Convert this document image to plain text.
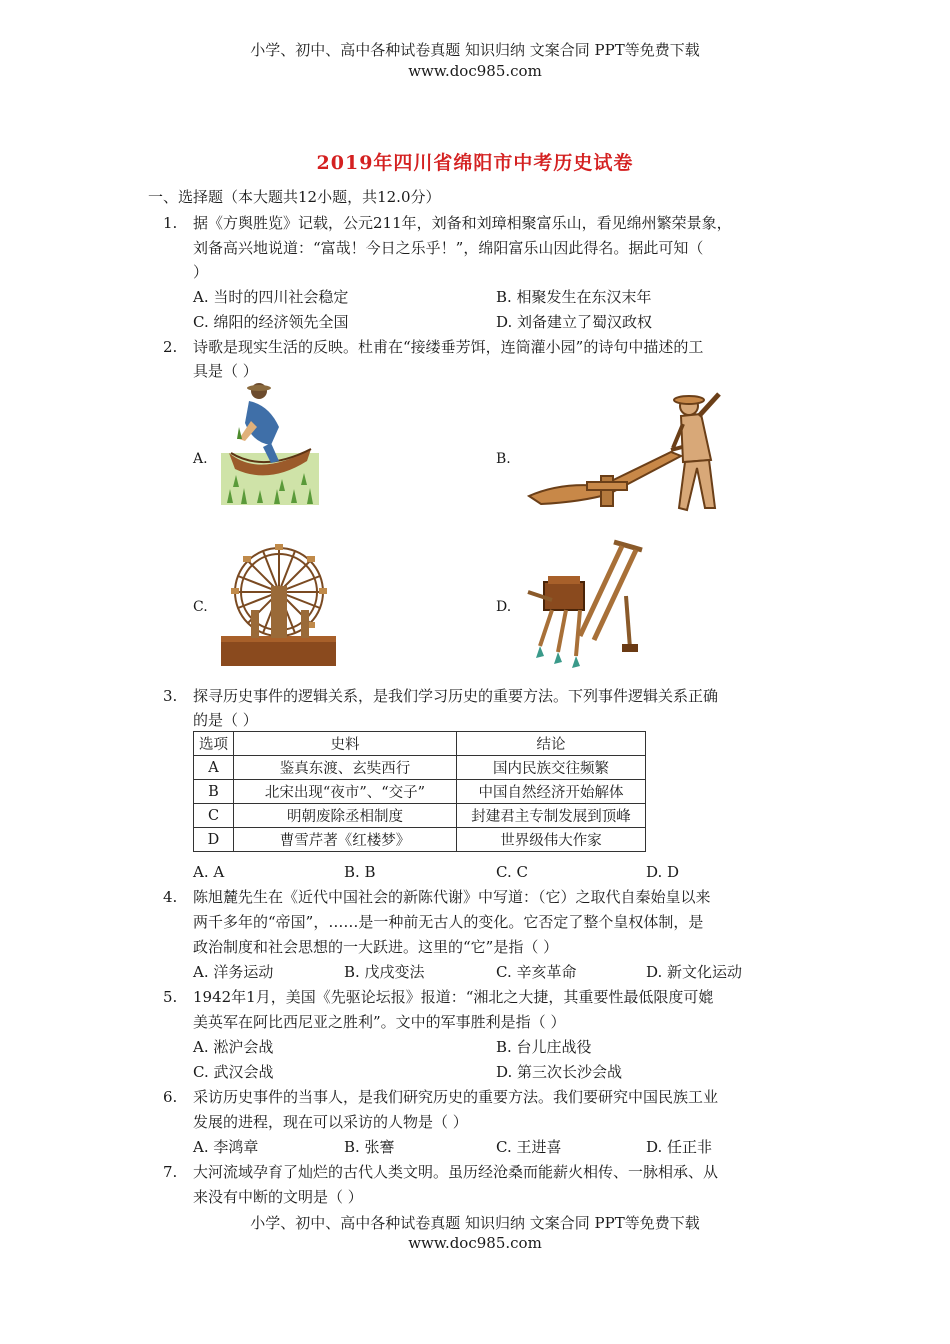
小学、初中、高中各种试卷真题 知识归纳 文案合同 PPT等免费下载
www.doc985.com
2019年四川省绵阳市中考历史试卷
一、选择题（本大题共12小题，共12.0分）
1. 据《方舆胜览》记载，公元211年，刘备和刘璋相聚富乐山，看见绵州繁荣景象，
刘备高兴地说道：“富哉！今日之乐乎！”，绵阳富乐山因此得名。据此可知（
）
A. 当时的四川社会稳定	B. 相聚发生在东汉末年
C. 绵阳的经济领先全国	D. 刘备建立了蜀汉政权
2. 诗歌是现实生活的反映。杜甫在“接缕垂芳饵，连筒灌小园”的诗句中描述的工
具是（ ）
A.	B.
C.	D.
3. 探寻历史事件的逻辑关系，是我们学习历史的重要方法。下列事件逻辑关系正确
的是（ ）
选项	史料	结论
A	鉴真东渡、玄奘西行	国内民族交往频繁
B	北宋出现“夜市”、“交子”	中国自然经济开始解体
C	明朝废除丞相制度	封建君主专制发展到顶峰
D	曹雪芹著《红楼梦》	世界级伟大作家
A. A	B. B	C. C	D. D
4. 陈旭麓先生在《近代中国社会的新陈代谢》中写道：（它）之取代自秦始皇以来
两千多年的“帝国”，……是一种前无古人的变化。它否定了整个皇权体制，是
政治制度和社会思想的一大跃进。这里的“它”是指（ ）
A. 洋务运动	B. 戊戌变法	C. 辛亥革命	D. 新文化运动
5. 1942年1月，美国《先驱论坛报》报道：“湘北之大捷，其重要性最低限度可媲
美英军在阿比西尼亚之胜利”。文中的军事胜利是指（ ）
A. 淞沪会战	B. 台儿庄战役
C. 武汉会战	D. 第三次长沙会战
6. 采访历史事件的当事人，是我们研究历史的重要方法。我们要研究中国民族工业
发展的进程，现在可以采访的人物是（ ）
A. 李鸿章	B. 张謇	C. 王进喜	D. 任正非
7. 大河流域孕育了灿烂的古代人类文明。虽历经沧桑而能薪火相传、一脉相承、从
来没有中断的文明是（ ）
小学、初中、高中各种试卷真题 知识归纳 文案合同 PPT等免费下载
www.doc985.com
